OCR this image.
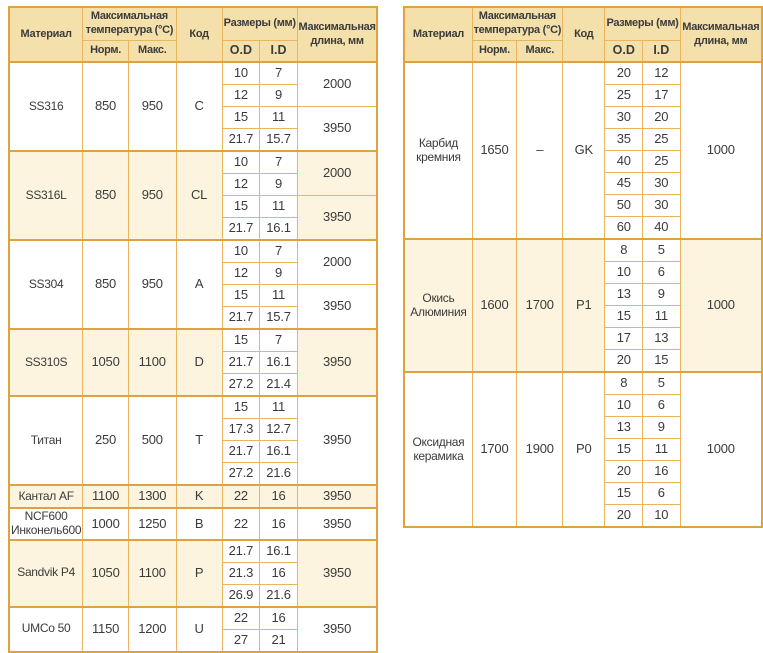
Материал	Максимальная температура (°C)		Код	Размеры (мм)		Максимальная длина, мм
	Норм.	Макс.		O.D	I.D	
SS316	850	950	C	10	7	2000
				12	9	
				15	11	3950
				21.7	15.7	
SS316L	850	950	CL	10	7	2000
				12	9	
				15	11	3950
				21.7	16.1	
SS304	850	950	A	10	7	2000
				12	9	
				15	11	3950
				21.7	15.7	
SS310S	1050	1100	D	15	7	3950
				21.7	16.1	
				27.2	21.4	
Титан	250	500	T	15	11	3950
				17.3	12.7	
				21.7	16.1	
				27.2	21.6	
Кантал AF	1100	1300	K	22	16	3950
NCF600 Инконель600	1000	1250	B	22	16	3950
Sandvik P4	1050	1100	P	21.7	16.1	3950
				21.3	16	
				26.9	21.6	
UMCo 50	1150	1200	U	22	16	3950
				27	21	
Материал	Максимальная температура (°C)		Код	Размеры (мм)		Максимальная длина, мм
	Норм.	Макс.		O.D	I.D	
Карбид кремния	1650	–	GK	20	12	1000
				25	17	
				30	20	
				35	25	
				40	25	
				45	30	
				50	30	
				60	40	
Окись Алюминия	1600	1700	P1	8	5	1000
				10	6	
				13	9	
				15	11	
				17	13	
				20	15	
Оксидная керамика	1700	1900	P0	8	5	1000
				10	6	
				13	9	
				15	11	
				20	16	
				15	6	
				20	10	
